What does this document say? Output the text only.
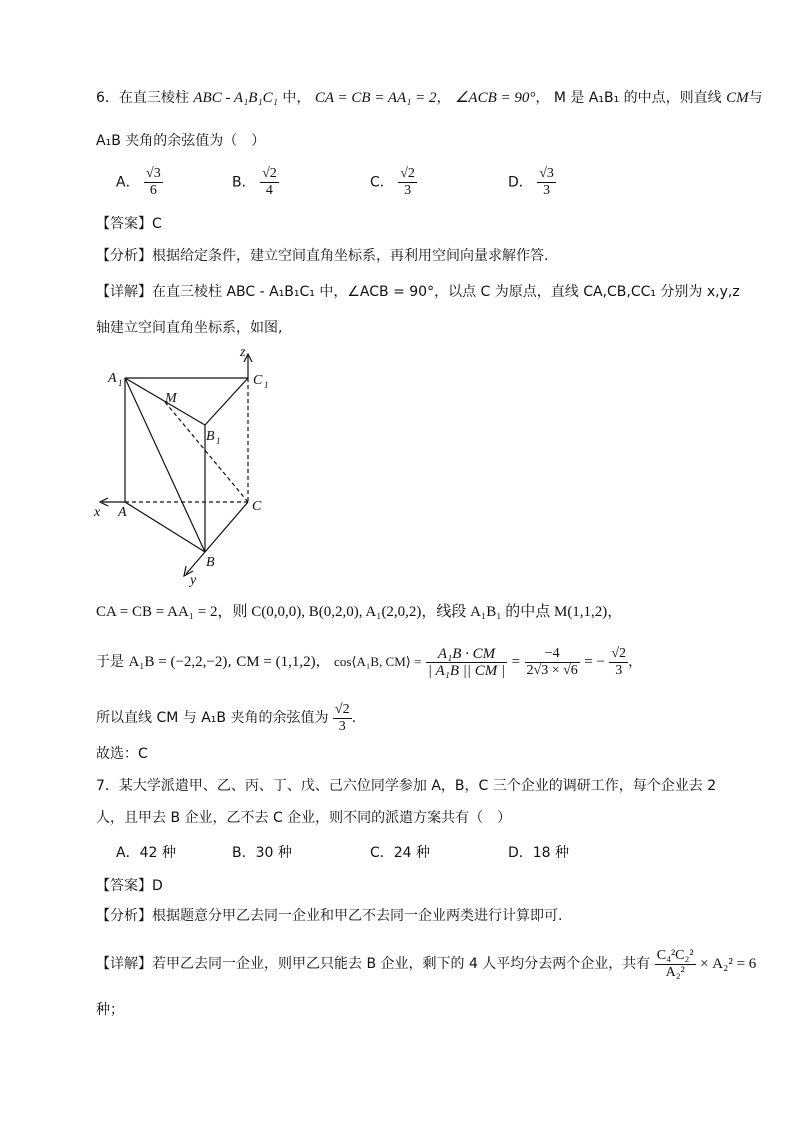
6．在直三棱柱 ABC - A₁B₁C₁ 中， CA = CB = AA₁ = 2， ∠ACB = 90°， M 是 A₁B₁ 的中点，则直线 CM与
A₁B 夹角的余弦值为（　）
A． $\frac{√3}{6}$	B． $\frac{√2}{4}$	C． $\frac{√2}{3}$	D． $\frac{√3}{3}$
【答案】C
【分析】根据给定条件，建立空间直角坐标系，再利用空间向量求解作答.
【详解】在直三棱柱 ABC - A₁B₁C₁ 中，∠ACB = 90°，以点 C 为原点，直线 CA,CB,CC₁ 分别为 x,y,z
轴建立空间直角坐标系，如图,
z
x
y
A 1	C 1
M
B 1
A	C
B
CA = CB = AA₁ = 2，则 C(0,0,0), B(0,2,0), A₁(2,0,2)，线段 A₁B₁ 的中点 M(1,1,2)，
于是 A₁B = (−2,2,−2), CM = (1,1,2)， cos⟨A₁B, CM⟩ = $\frac{\text{A₁B · CM}}{\text{| A₁B || CM |}} = \frac{-4}{2√3 \times √6}$ = − $\frac{√2}{3}$ ，
所以直线 CM 与 A₁B 夹角的余弦值为 $\frac{√2}{3}$ .
故选：C
7．某大学派遣甲、乙、丙、丁、戊、己六位同学参加 A，B，C 三个企业的调研工作，每个企业去 2
人，且甲去 B 企业，乙不去 C 企业，则不同的派遣方案共有（　）
A．42 种	B．30 种	C．24 种	D．18 种
【答案】D
【分析】根据题意分甲乙去同一企业和甲乙不去同一企业两类进行计算即可.
【详解】若甲乙去同一企业，则甲乙只能去 B 企业，剩下的 4 人平均分去两个企业，共有 $\frac{\text{C₄²C₂²}}{\text{A₂²}} \times A_2^2 = 6$
种；
